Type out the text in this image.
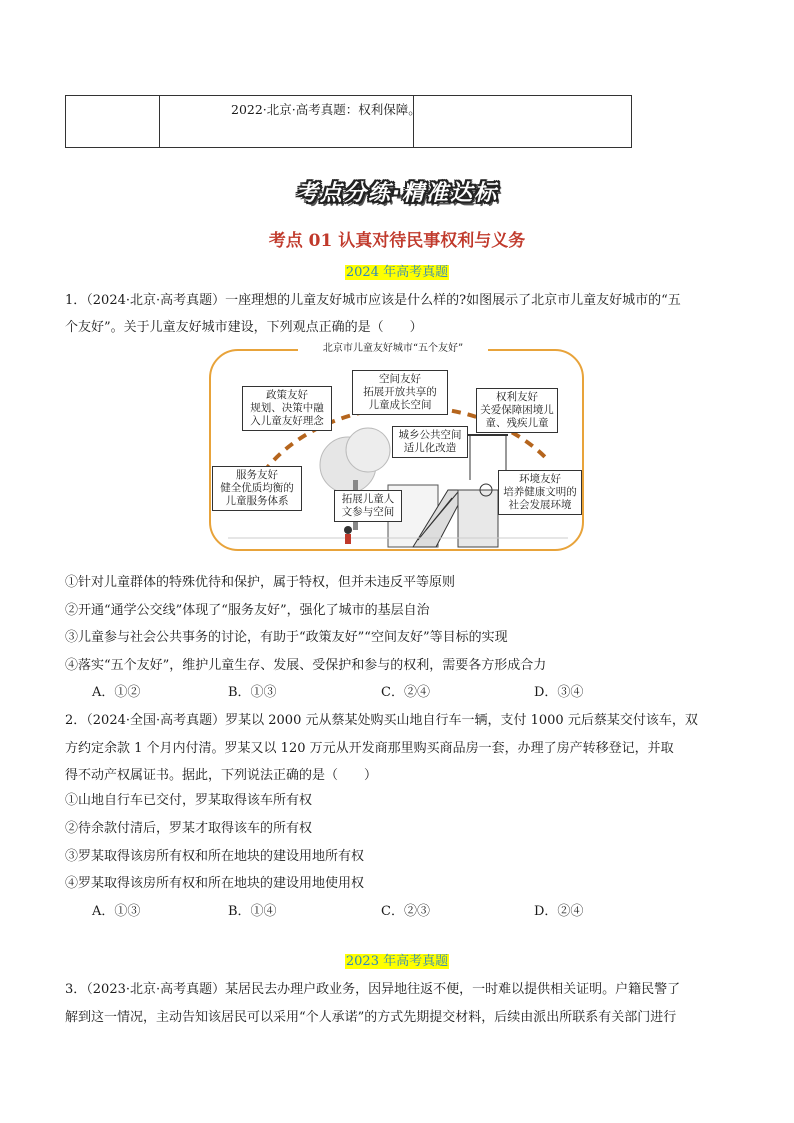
2022·北京·高考真题：权利保障。
考点分练·精准达标
考点 01 认真对待民事权利与义务
2024 年高考真题
1．（2024·北京·高考真题）一座理想的儿童友好城市应该是什么样的?如图展示了北京市儿童友好城市的“五
个友好”。关于儿童友好城市建设，下列观点正确的是（　　）
北京市儿童友好城市“五个友好”
政策友好
规划、决策中融
入儿童友好理念
空间友好
拓展开放共享的
儿童成长空间
权利友好
关爱保障困境儿
童、残疾儿童
城乡公共空间
适儿化改造
服务友好
健全优质均衡的
儿童服务体系	拓展儿童人
文参与空间
环境友好
培养健康文明的
社会发展环境
①针对儿童群体的特殊优待和保护，属于特权，但并未违反平等原则
②开通“通学公交线”体现了“服务友好”，强化了城市的基层自治
③儿童参与社会公共事务的讨论，有助于“政策友好”“空间友好”等目标的实现
④落实“五个友好”，维护儿童生存、发展、受保护和参与的权利，需要各方形成合力
A．①②	B．①③	C．②④	D．③④
2．（2024·全国·高考真题）罗某以 2000 元从蔡某处购买山地自行车一辆，支付 1000 元后蔡某交付该车，双
方约定余款 1 个月内付清。罗某又以 120 万元从开发商那里购买商品房一套，办理了房产转移登记，并取
得不动产权属证书。据此，下列说法正确的是（　　）
①山地自行车已交付，罗某取得该车所有权
②待余款付清后，罗某才取得该车的所有权
③罗某取得该房所有权和所在地块的建设用地所有权
④罗某取得该房所有权和所在地块的建设用地使用权
A．①③	B．①④	C．②③	D．②④
2023 年高考真题
3．（2023·北京·高考真题）某居民去办理户政业务，因异地往返不便，一时难以提供相关证明。户籍民警了
解到这一情况，主动告知该居民可以采用“个人承诺”的方式先期提交材料，后续由派出所联系有关部门进行
